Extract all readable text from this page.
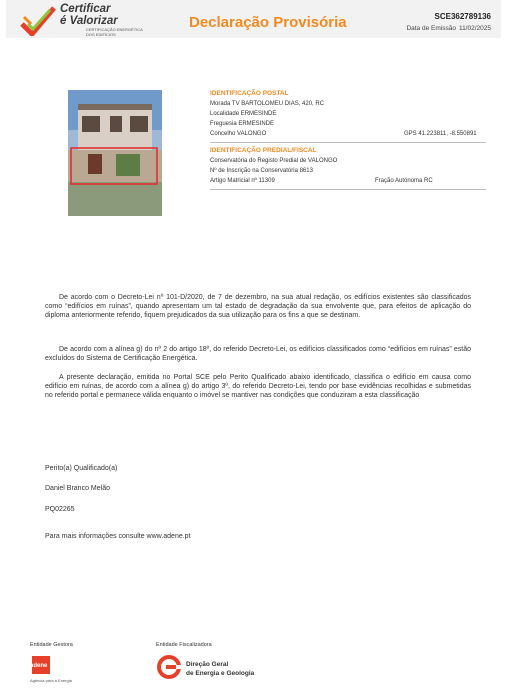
Certificar
é Valorizar
CERTIFICAÇÃO ENERGÉTICA
DOS EDIFÍCIOS
Declaração Provisória	SCE362789136
Data de Emissão 11/02/2025
IDENTIFICAÇÃO POSTAL
Morada TV BARTOLOMEU DIAS, 420, RC
Localidade ERMESINDE
Freguesia ERMESINDE
Concelho VALONGO	GPS 41.223811, -8.550891
IDENTIFICAÇÃO PREDIAL/FISCAL
Conservatória do Registo Predial de VALONGO
Nº de Inscrição na Conservatória 8613
Artigo Matricial nº 11309	Fração Autónoma RC
De acordo com o Decreto-Lei nº 101-D/2020, de 7 de dezembro, na sua atual redação, os edifícios existentes são classificados como “edifícios em ruínas”, quando apresentam um tal estado de degradação da sua envolvente que, para efeitos de aplicação do diploma anteriormente referido, fiquem prejudicados da sua utilização para os fins a que se destinam.
De acordo com a alínea g) do nº 2 do artigo 18º, do referido Decreto-Lei, os edifícios classificados como “edifícios em ruínas” estão excluídos do Sistema de Certificação Energética.
A presente declaração, emitida no Portal SCE pelo Perito Qualificado abaixo identificado, classifica o edifício em causa como edifício em ruínas, de acordo com a alínea g) do artigo 3º, do referido Decreto-Lei, tendo por base evidências recolhidas e submetidas no referido portal e permanece válida enquanto o imóvel se mantiver nas condições que conduziram a esta classificação
Perito(a) Qualificado(a)
Daniel Branco Melão
PQ02265
Para mais informações consulte www.adene.pt
Entidade Gestora
adene
Agência para a Energia
Entidade Fiscalizadora
Direção Geral
de Energia e Geologia
